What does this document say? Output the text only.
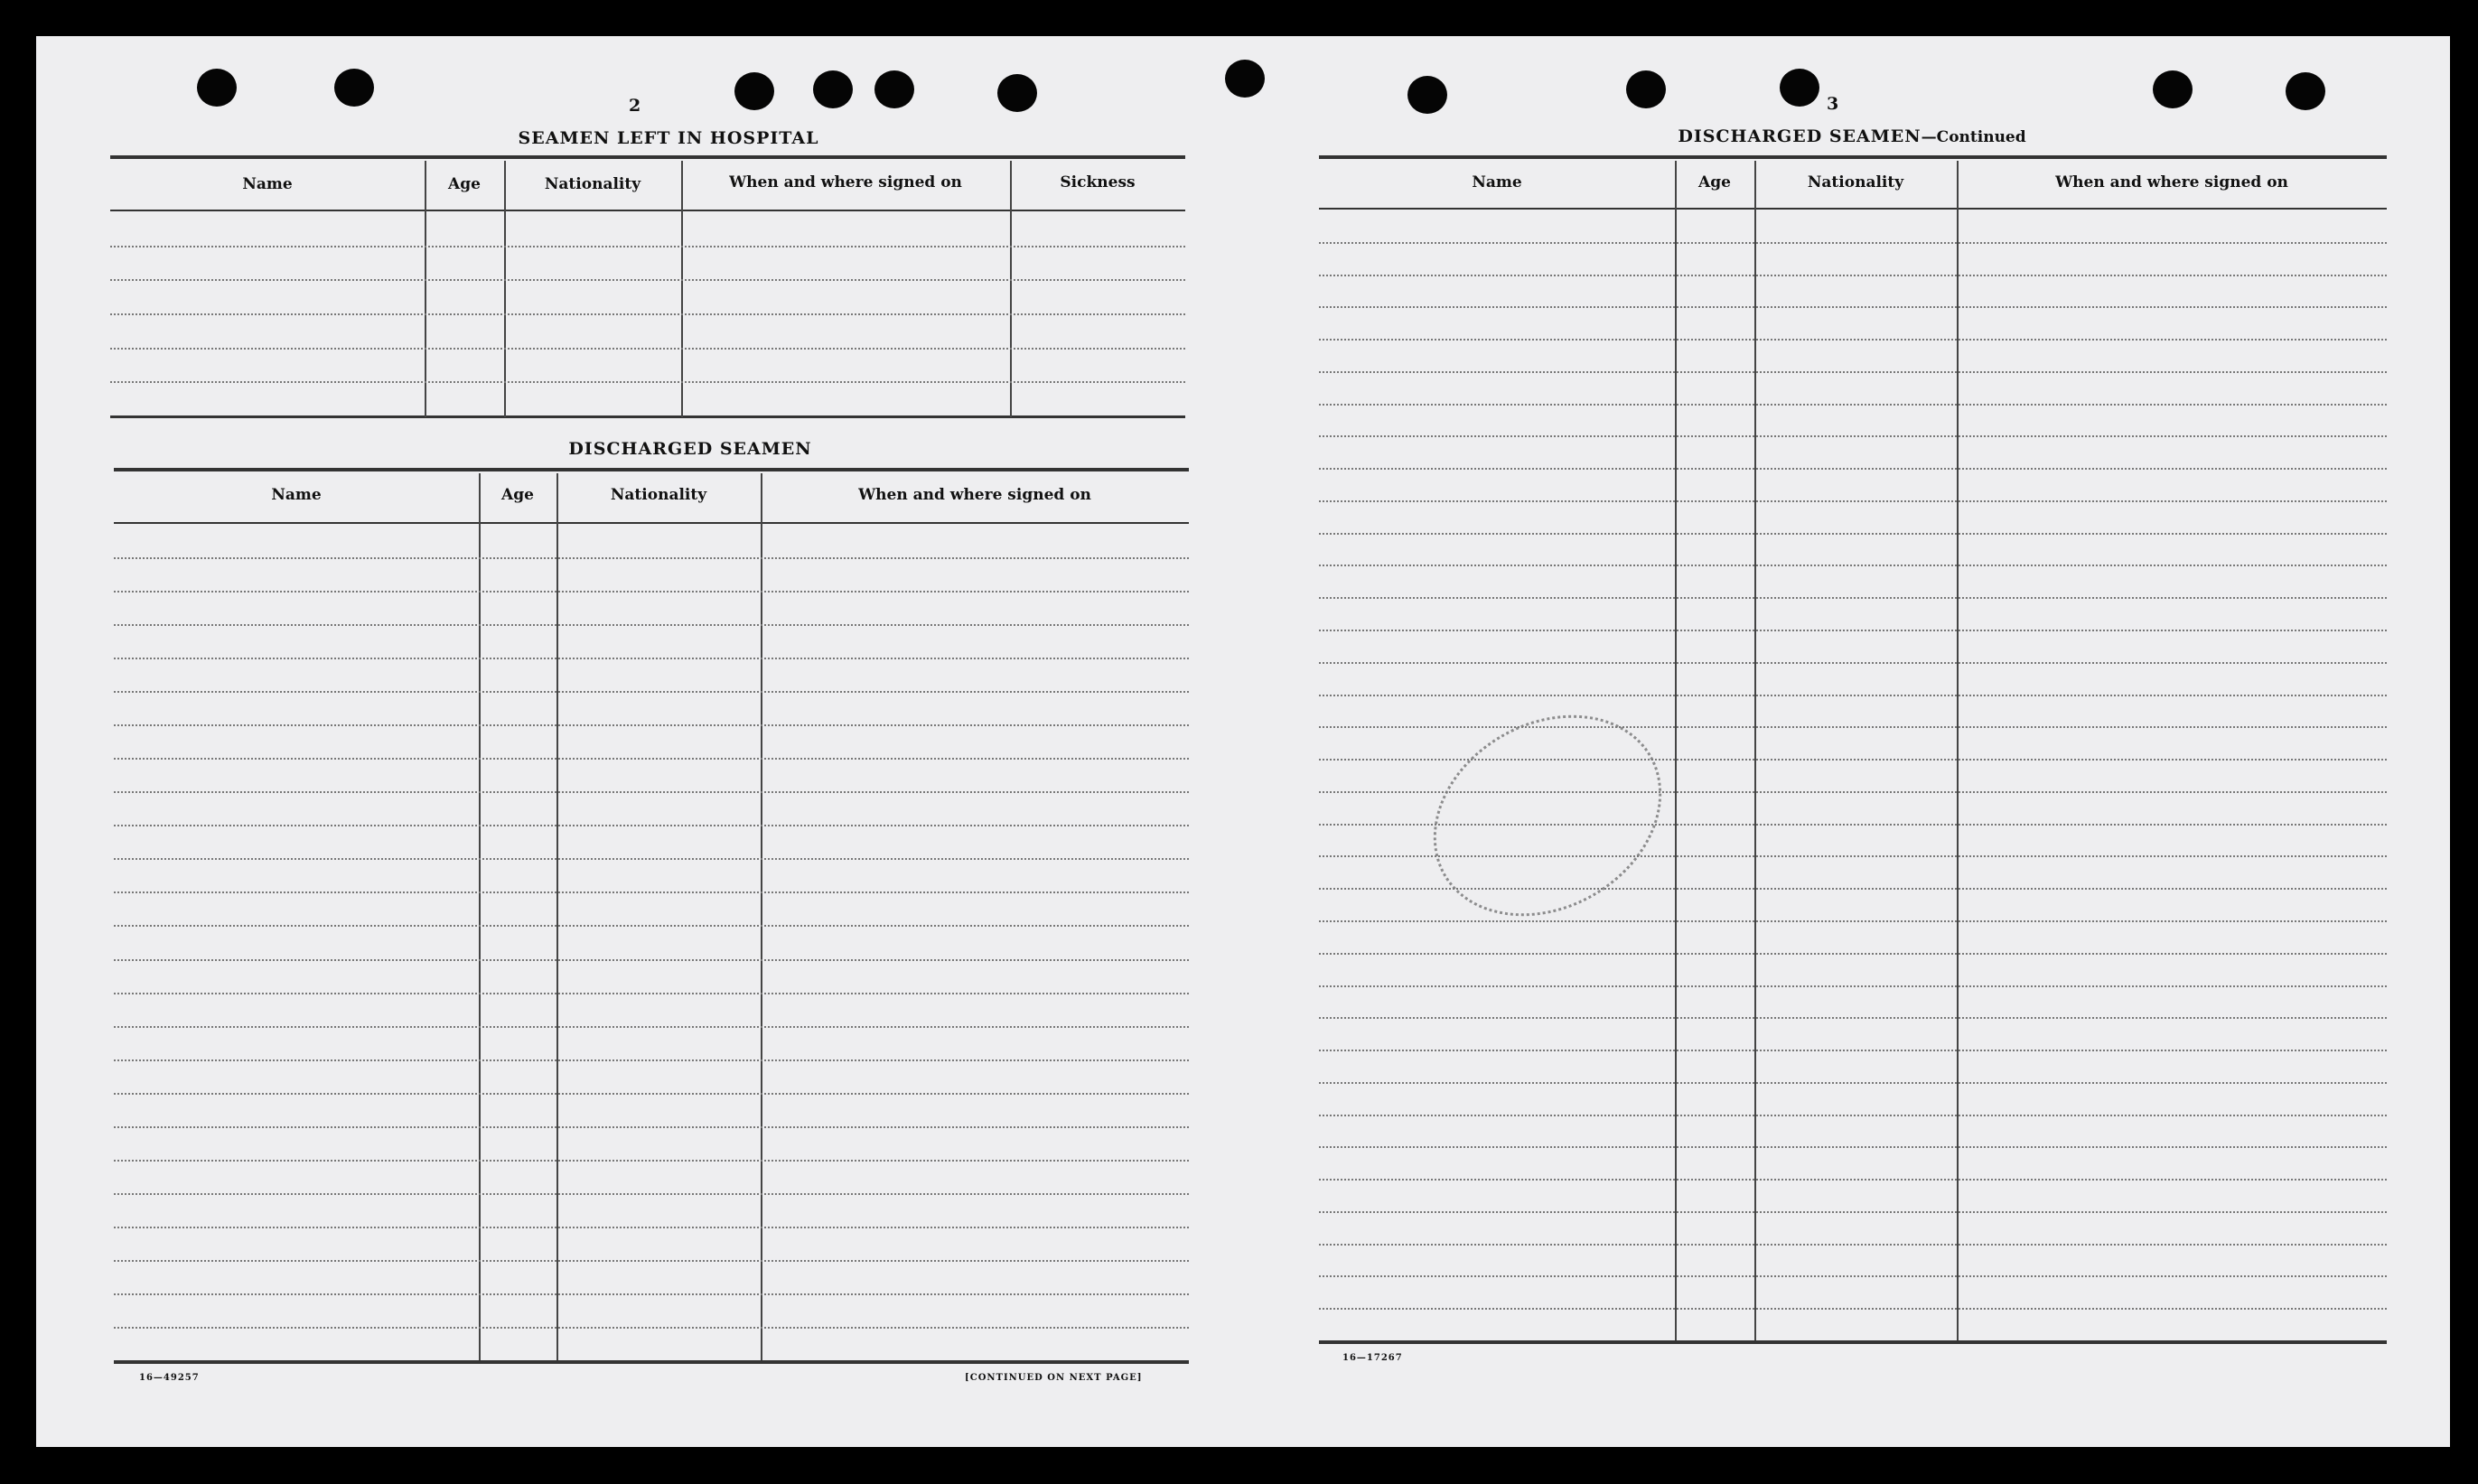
2
SEAMEN LEFT IN HOSPITAL
Name	Age	Nationality	When and where signed on	Sickness
DISCHARGED SEAMEN
Name	Age	Nationality	When and where signed on
16—49257	[CONTINUED ON NEXT PAGE]
3
DISCHARGED SEAMEN—Continued
Name	Age	Nationality	When and where signed on
16—17267
